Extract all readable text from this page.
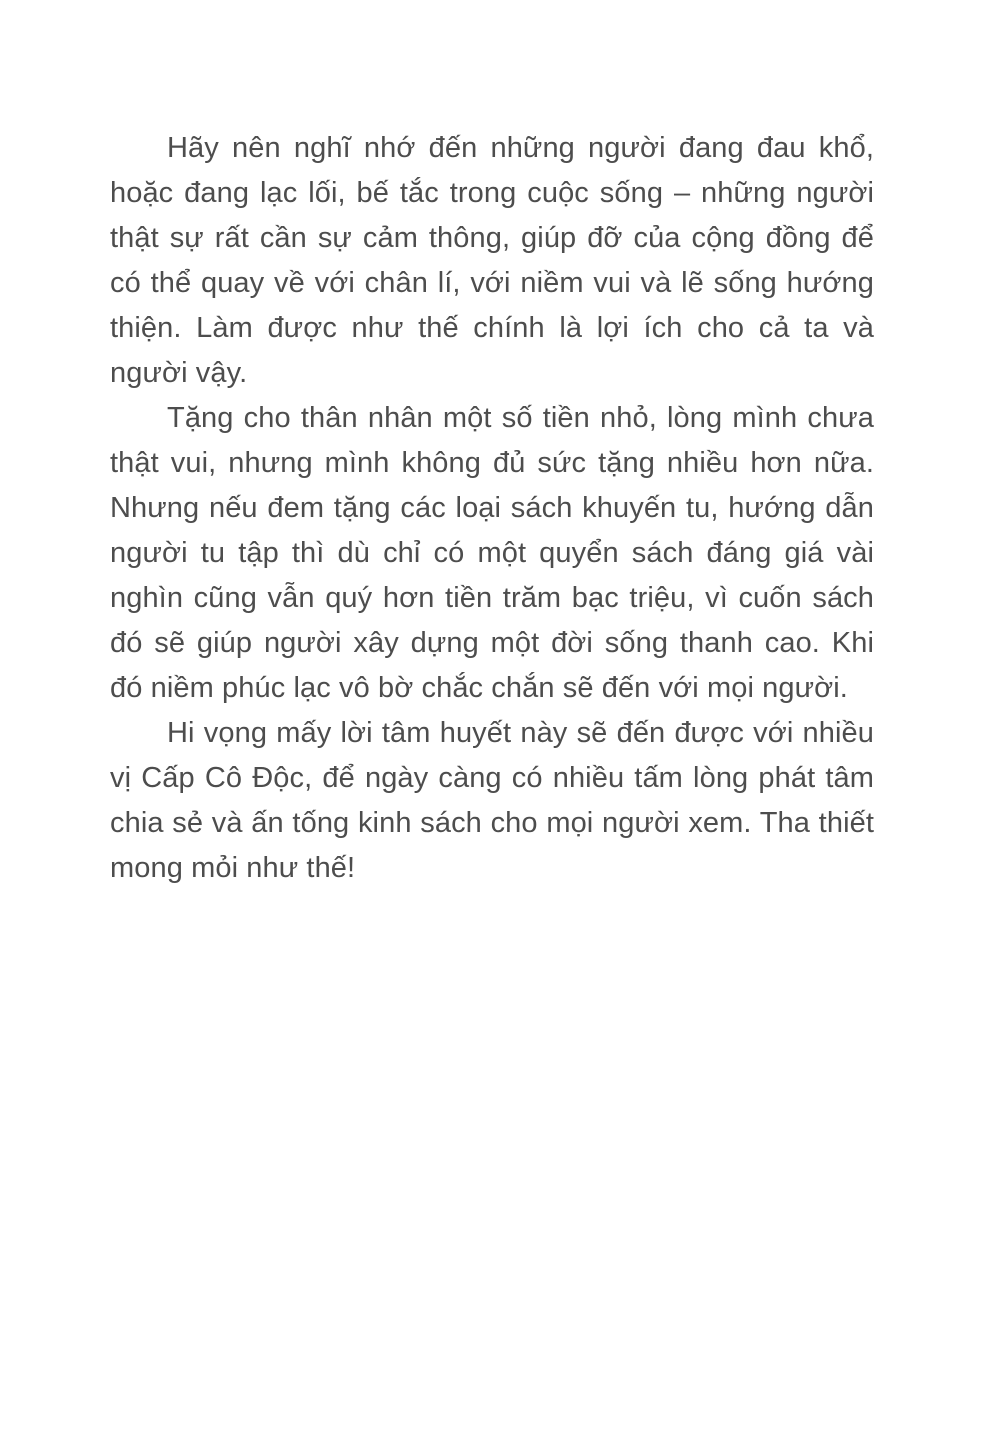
Hãy nên nghĩ nhớ đến những người đang đau khổ, hoặc đang lạc lối, bế tắc trong cuộc sống – những người thật sự rất cần sự cảm thông, giúp đỡ của cộng đồng để có thể quay về với chân lí, với niềm vui và lẽ sống hướng thiện. Làm được như thế chính là lợi ích cho cả ta và người vậy.

Tặng cho thân nhân một số tiền nhỏ, lòng mình chưa thật vui, nhưng mình không đủ sức tặng nhiều hơn nữa. Nhưng nếu đem tặng các loại sách khuyến tu, hướng dẫn người tu tập thì dù chỉ có một quyển sách đáng giá vài nghìn cũng vẫn quý hơn tiền trăm bạc triệu, vì cuốn sách đó sẽ giúp người xây dựng một đời sống thanh cao. Khi đó niềm phúc lạc vô bờ chắc chắn sẽ đến với mọi người.

Hi vọng mấy lời tâm huyết này sẽ đến được với nhiều vị Cấp Cô Độc, để ngày càng có nhiều tấm lòng phát tâm chia sẻ và ấn tống kinh sách cho mọi người xem. Tha thiết mong mỏi như thế!
